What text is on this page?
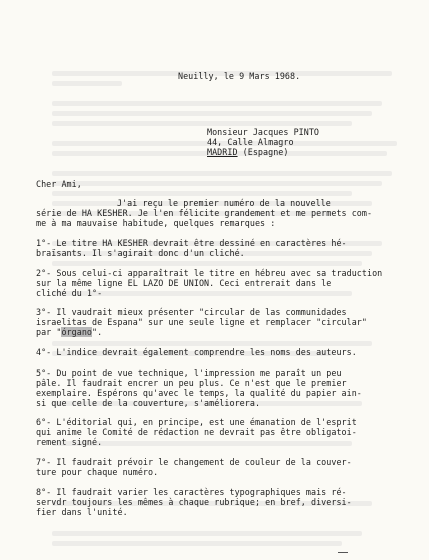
Neuilly, le 9 Mars 1968.
Monsieur Jacques PINTO
44, Calle Almagro
MADRID (Espagne)
Cher Ami,
J'ai reçu le premier numéro de la nouvelle
série de HA KESHER. Je l'en félicite grandement et me permets com-
me à ma mauvaise habitude, quelques remarques :
1°- Le titre HA KESHER devrait être dessiné en caractères hé-
braïsants. Il s'agirait donc d'un cliché.
2°- Sous celui-ci apparaîtrait le titre en hébreu avec sa traduction
sur la même ligne EL LAZO DE UNION. Ceci entrerait dans le
cliché du 1°-
3°- Il vaudrait mieux présenter "circular de las communidades
israelitas de Espana" sur une seule ligne et remplacer "circular"
par "órgano".
4°- L'indice devrait également comprendre les noms des auteurs.
5°- Du point de vue technique, l'impression me paraît un peu
pâle. Il faudrait encrer un peu plus. Ce n'est que le premier
exemplaire. Espérons qu'avec le temps, la qualité du papier ain-
si que celle de la couverture, s'améliorera.
6°- L'éditorial qui, en principe, est une émanation de l'esprit
qui anime le Comité de rédaction ne devrait pas être obligatoi-
rement signé.
7°- Il faudrait prévoir le changement de couleur de la couver-
ture pour chaque numéro.
8°- Il faudrait varier les caractères typographiques mais ré-
servdr toujours les mêmes à chaque rubrique; en bref, diversi-
fier dans l'unité.
